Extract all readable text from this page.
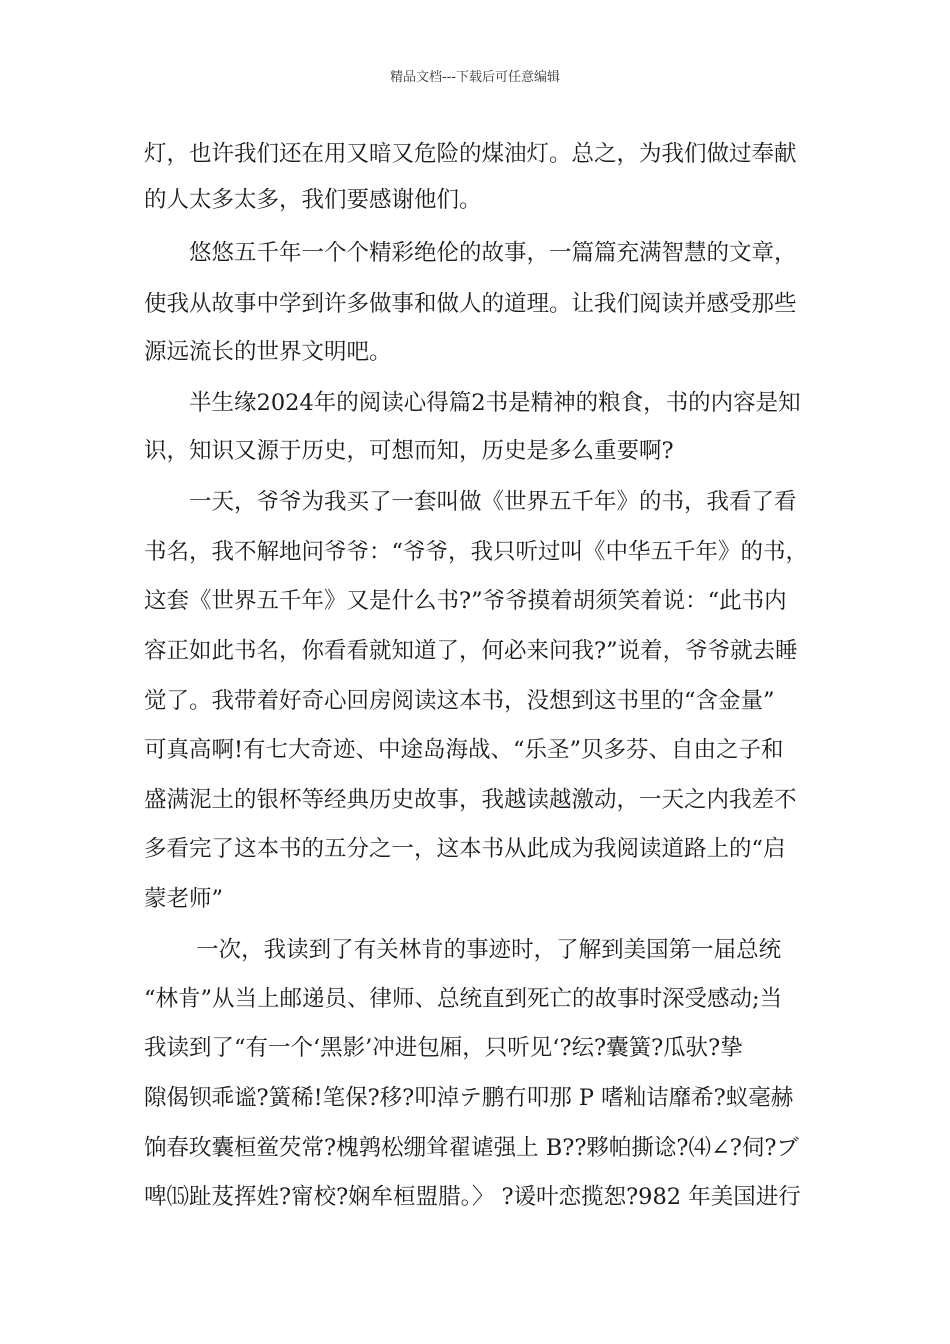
精品文档---下载后可任意编辑
灯，也许我们还在用又暗又危险的煤油灯。总之，为我们做过奉献
的人太多太多，我们要感谢他们。
　　悠悠五千年一个个精彩绝伦的故事，一篇篇充满智慧的文章，
使我从故事中学到许多做事和做人的道理。让我们阅读并感受那些
源远流长的世界文明吧。
　　半生缘2024年的阅读心得篇2书是精神的粮食，书的内容是知
识，知识又源于历史，可想而知，历史是多么重要啊?
　　一天，爷爷为我买了一套叫做《世界五千年》的书，我看了看
书名，我不解地问爷爷：“爷爷，我只听过叫《中华五千年》的书，
这套《世界五千年》又是什么书?”爷爷摸着胡须笑着说：“此书内
容正如此书名，你看看就知道了，何必来问我?”说着，爷爷就去睡
觉了。我带着好奇心回房阅读这本书，没想到这书里的“含金量”
可真高啊!有七大奇迹、中途岛海战、“乐圣”贝多芬、自由之子和
盛满泥土的银杯等经典历史故事，我越读越激动，一天之内我差不
多看完了这本书的五分之一，这本书从此成为我阅读道路上的“启
蒙老师”
　　 一次，我读到了有关林肯的事迹时，了解到美国第一届总统
“林肯”从当上邮递员、律师、总统直到死亡的故事时深受感动;当
我读到了“有一个‘黑影’冲进包厢，只听见‘?纭?囊簧?瓜驮?挚
隙偈钡乖谧?簧稀!笔保?移?叩淖テ鹏冇叩那 P 嗜籼诘靡希?蚁毫赫
饷春玫囊桓鲎芡常?槐鹑松绷耸翟谑强上 B??夥帕撕谂?⑷∠?伺?ブ
啤⒂趾芨挥姓?甯校?娴牟桓盟腊。〉 ?谖叶恋揽恕?982 年美国进行
